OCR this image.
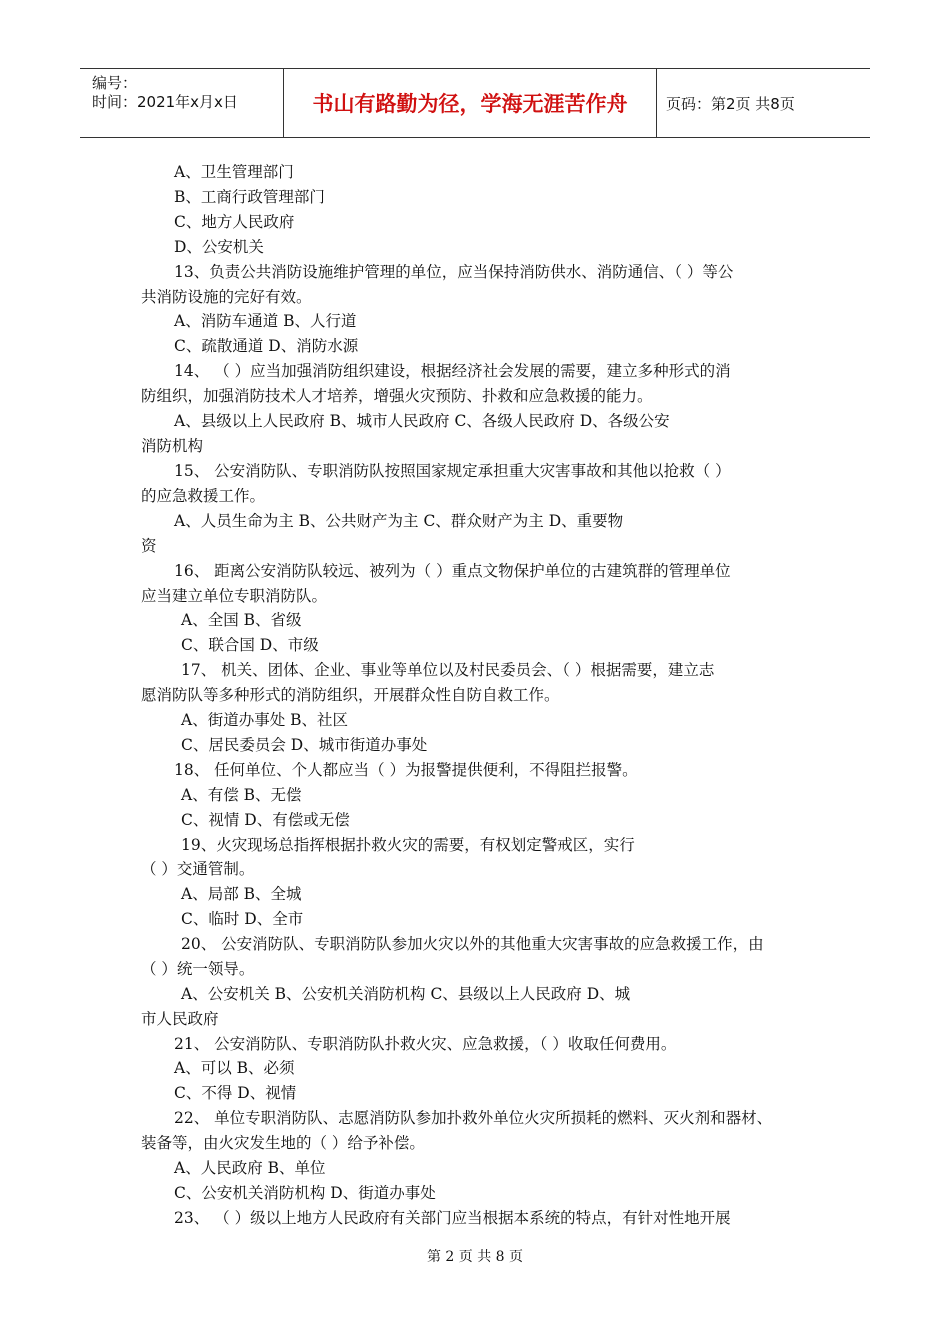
编号：
时间：2021年x月x日	书山有路勤为径，学海无涯苦作舟	页码：第2页 共8页
A、卫生管理部门
B、工商行政管理部门
C、地方人民政府
D、公安机关
13、负责公共消防设施维护管理的单位，应当保持消防供水、消防通信、（ ）等公
共消防设施的完好有效。
A、消防车通道 B、人行道
C、疏散通道 D、消防水源
14、 （ ）应当加强消防组织建设，根据经济社会发展的需要，建立多种形式的消
防组织，加强消防技术人才培养，增强火灾预防、扑救和应急救援的能力。
A、县级以上人民政府 B、城市人民政府 C、各级人民政府 D、各级公安
消防机构
15、 公安消防队、专职消防队按照国家规定承担重大灾害事故和其他以抢救（ ）
的应急救援工作。
A、人员生命为主 B、公共财产为主 C、群众财产为主 D、重要物
资
16、 距离公安消防队较远、被列为（ ）重点文物保护单位的古建筑群的管理单位
应当建立单位专职消防队。
A、全国 B、省级
C、联合国 D、市级
17、 机关、团体、企业、事业等单位以及村民委员会、（ ）根据需要，建立志
愿消防队等多种形式的消防组织，开展群众性自防自救工作。
A、街道办事处 B、社区
C、居民委员会 D、城市街道办事处
18、 任何单位、个人都应当（ ）为报警提供便利，不得阻拦报警。
A、有偿 B、无偿
C、视情 D、有偿或无偿
19、火灾现场总指挥根据扑救火灾的需要，有权划定警戒区，实行
（ ）交通管制。
A、局部 B、全城
C、临时 D、全市
20、 公安消防队、专职消防队参加火灾以外的其他重大灾害事故的应急救援工作，由
（ ）统一领导。
A、公安机关 B、公安机关消防机构 C、县级以上人民政府 D、城
市人民政府
21、 公安消防队、专职消防队扑救火灾、应急救援，（ ）收取任何费用。
A、可以 B、必须
C、不得 D、视情
22、 单位专职消防队、志愿消防队参加扑救外单位火灾所损耗的燃料、灭火剂和器材、
装备等，由火灾发生地的（ ）给予补偿。
A、人民政府 B、单位
C、公安机关消防机构 D、街道办事处
23、 （ ）级以上地方人民政府有关部门应当根据本系统的特点，有针对性地开展
第 2 页 共 8 页
